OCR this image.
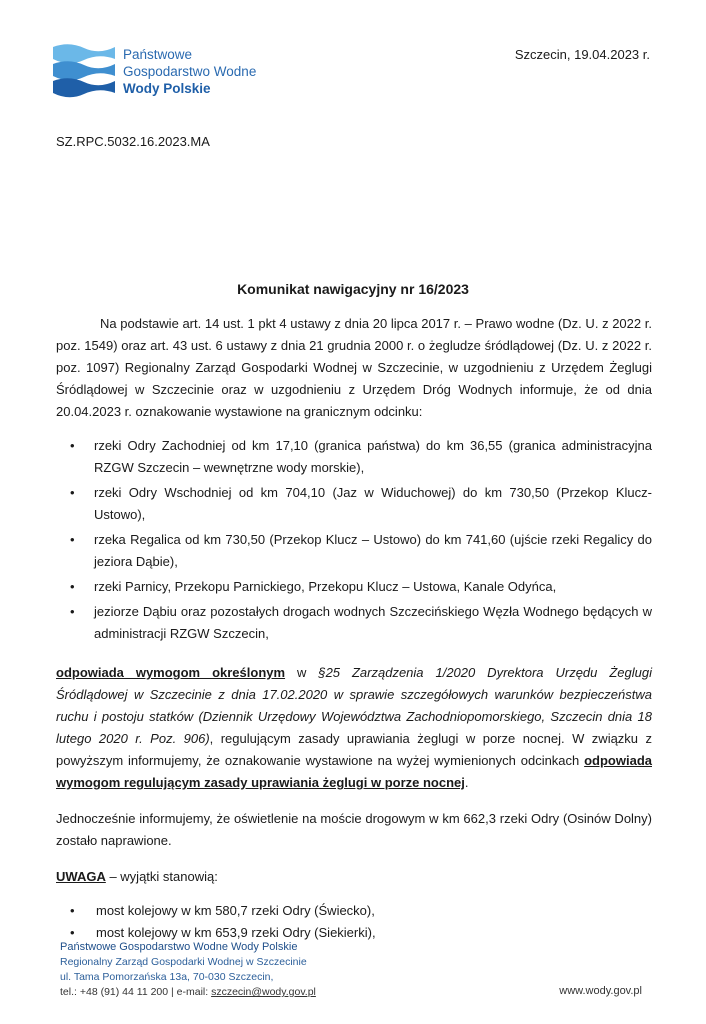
Państwowe
Gospodarstwo Wodne
Wody Polskie
Szczecin, 19.04.2023 r.
SZ.RPC.5032.16.2023.MA
Komunikat nawigacyjny nr 16/2023

Na podstawie art. 14 ust. 1 pkt 4 ustawy z dnia 20 lipca 2017 r. – Prawo wodne (Dz. U. z 2022 r. poz. 1549) oraz art. 43 ust. 6 ustawy z dnia 21 grudnia 2000 r. o żegludze śródlądowej (Dz. U. z 2022 r. poz. 1097) Regionalny Zarząd Gospodarki Wodnej w Szczecinie, w uzgodnieniu z Urzędem Żeglugi Śródlądowej w Szczecinie oraz w uzgodnieniu z Urzędem Dróg Wodnych informuje, że od dnia 20.04.2023 r. oznakowanie wystawione na granicznym odcinku:

• rzeki Odry Zachodniej od km 17,10 (granica państwa) do km 36,55 (granica administracyjna RZGW Szczecin – wewnętrzne wody morskie),
• rzeki Odry Wschodniej od km 704,10 (Jaz w Widuchowej) do km 730,50 (Przekop Klucz-Ustowo),
• rzeka Regalica od km 730,50 (Przekop Klucz – Ustowo) do km 741,60 (ujście rzeki Regalicy do jeziora Dąbie),
• rzeki Parnicy, Przekopu Parnickiego, Przekopu Klucz – Ustowa, Kanale Odyńca,
• jeziorze Dąbiu oraz pozostałych drogach wodnych Szczecińskiego Węzła Wodnego będących w administracji RZGW Szczecin,

odpowiada wymogom określonym w §25 Zarządzenia 1/2020 Dyrektora Urzędu Żeglugi Śródlądowej w Szczecinie z dnia 17.02.2020 w sprawie szczegółowych warunków bezpieczeństwa ruchu i postoju statków (Dziennik Urzędowy Województwa Zachodniopomorskiego, Szczecin dnia 18 lutego 2020 r. Poz. 906), regulującym zasady uprawiania żeglugi w porze nocnej. W związku z powyższym informujemy, że oznakowanie wystawione na wyżej wymienionych odcinkach odpowiada wymogom regulującym zasady uprawiania żeglugi w porze nocnej.

Jednocześnie informujemy, że oświetlenie na moście drogowym w km 662,3 rzeki Odry (Osinów Dolny) zostało naprawione.

UWAGA – wyjątki stanowią:

• most kolejowy w km 580,7 rzeki Odry (Świecko),
• most kolejowy w km 653,9 rzeki Odry (Siekierki),
Państwowe Gospodarstwo Wodne Wody Polskie
Regionalny Zarząd Gospodarki Wodnej w Szczecinie
ul. Tama Pomorzańska 13a, 70-030 Szczecin,
tel.: +48 (91) 44 11 200 | e-mail: szczecin@wody.gov.pl	www.wody.gov.pl
